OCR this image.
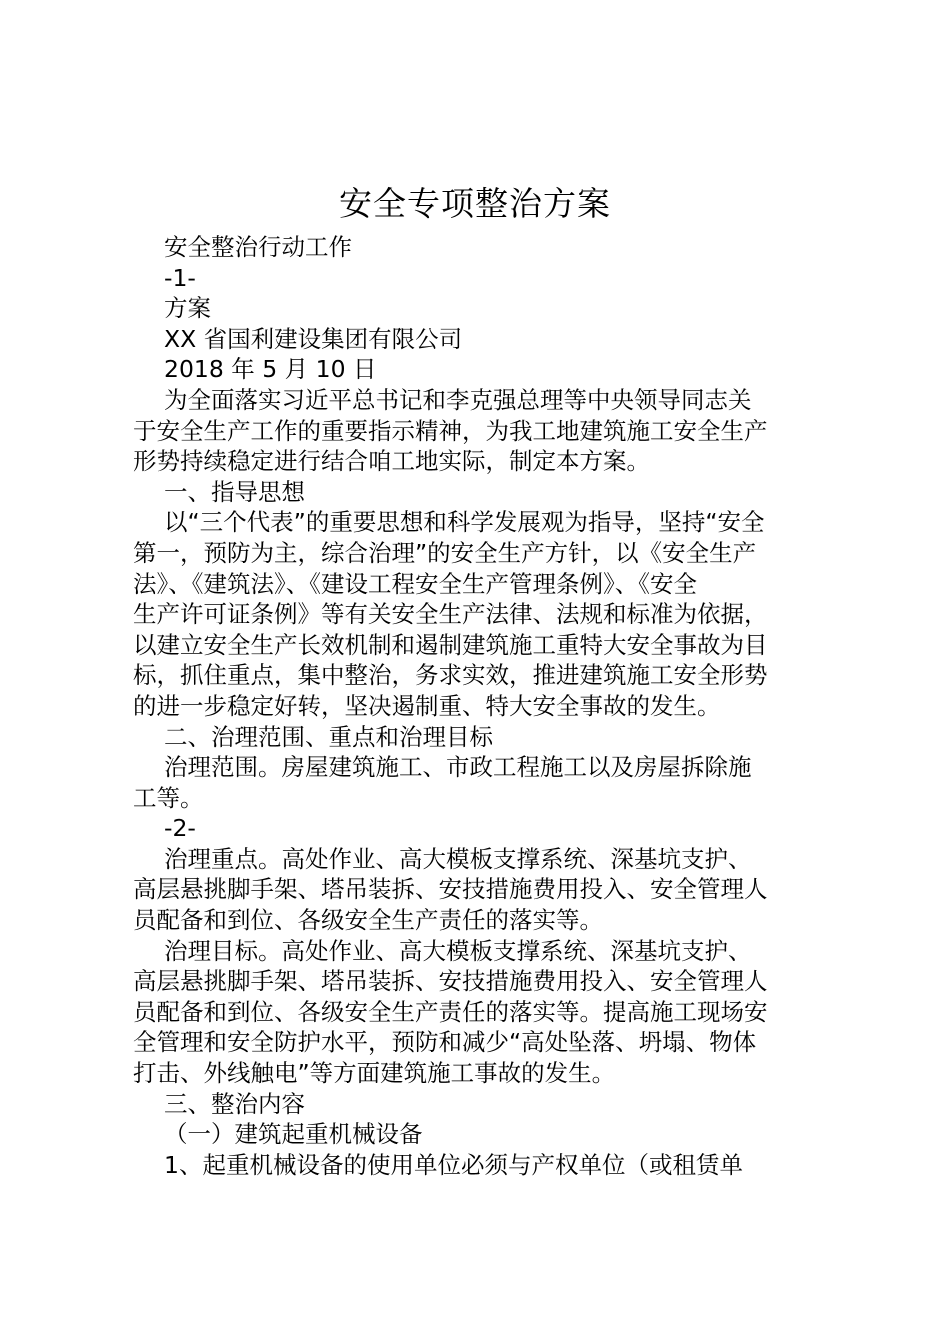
安全专项整治方案
安全整治行动工作
-1-
方案
XX 省国利建设集团有限公司
2018 年 5 月 10 日
为全面落实习近平总书记和李克强总理等中央领导同志关
于安全生产工作的重要指示精神，为我工地建筑施工安全生产
形势持续稳定进行结合咱工地实际，制定本方案。
一、指导思想
以“三个代表”的重要思想和科学发展观为指导，坚持“安全
第一，预防为主，综合治理”的安全生产方针，以《安全生产
法》、《建筑法》、《建设工程安全生产管理条例》、《安全
生产许可证条例》等有关安全生产法律、法规和标准为依据，
以建立安全生产长效机制和遏制建筑施工重特大安全事故为目
标，抓住重点，集中整治，务求实效，推进建筑施工安全形势
的进一步稳定好转，坚决遏制重、特大安全事故的发生。
二、治理范围、重点和治理目标
治理范围。房屋建筑施工、市政工程施工以及房屋拆除施
工等。
-2-
治理重点。高处作业、高大模板支撑系统、深基坑支护、
高层悬挑脚手架、塔吊装拆、安技措施费用投入、安全管理人
员配备和到位、各级安全生产责任的落实等。
治理目标。高处作业、高大模板支撑系统、深基坑支护、
高层悬挑脚手架、塔吊装拆、安技措施费用投入、安全管理人
员配备和到位、各级安全生产责任的落实等。提高施工现场安
全管理和安全防护水平，预防和减少“高处坠落、坍塌、物体
打击、外线触电”等方面建筑施工事故的发生。
三、整治内容
（一）建筑起重机械设备
1、起重机械设备的使用单位必须与产权单位（或租赁单
